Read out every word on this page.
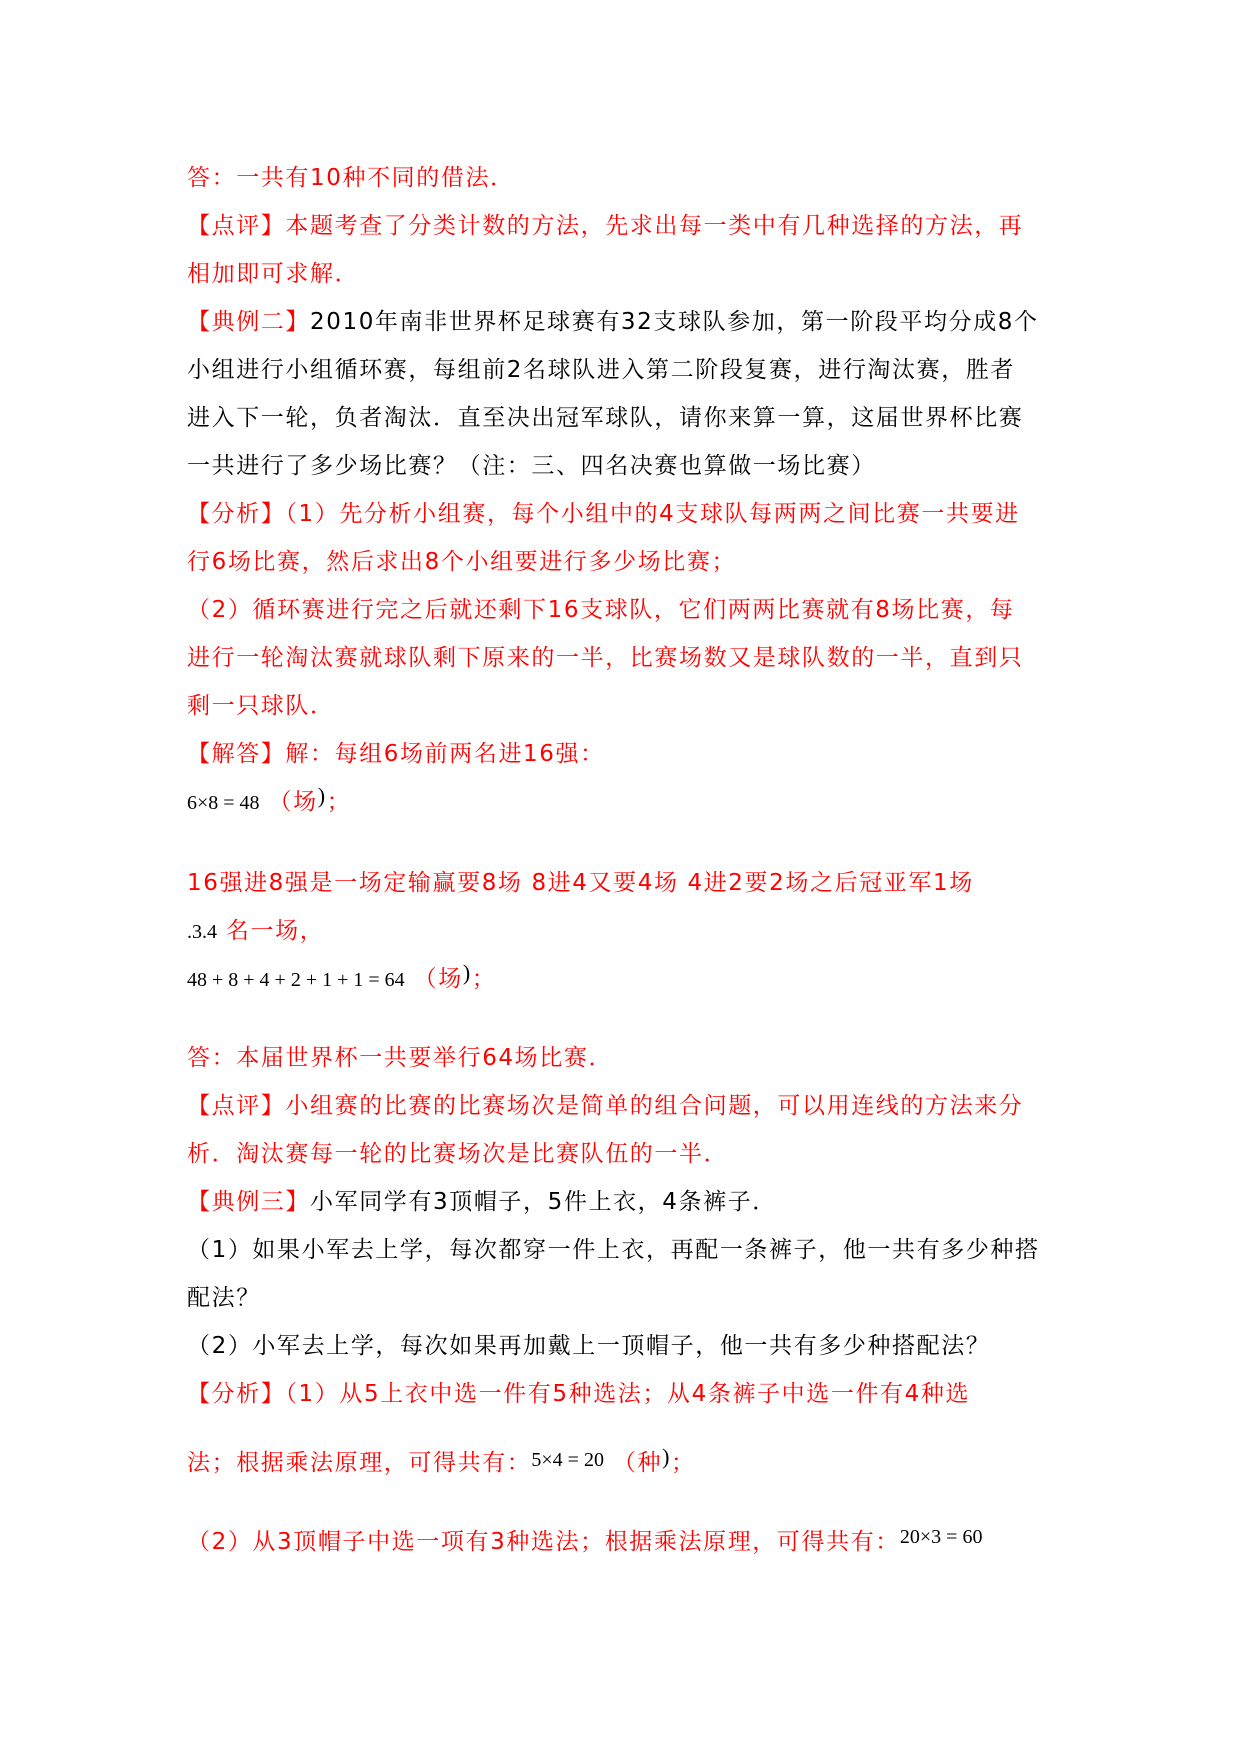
答：一共有10种不同的借法．
【点评】本题考查了分类计数的方法，先求出每一类中有几种选择的方法，再
相加即可求解．
【典例二】2010年南非世界杯足球赛有32支球队参加，第一阶段平均分成8个
小组进行小组循环赛，每组前2名球队进入第二阶段复赛，进行淘汰赛，胜者
进入下一轮，负者淘汰．直至决出冠军球队，请你来算一算，这届世界杯比赛
一共进行了多少场比赛？（注：三、四名决赛也算做一场比赛）
【分析】（1）先分析小组赛，每个小组中的4支球队每两两之间比赛一共要进
行6场比赛，然后求出8个小组要进行多少场比赛；
（2）循环赛进行完之后就还剩下16支球队，它们两两比赛就有8场比赛，每
进行一轮淘汰赛就球队剩下原来的一半，比赛场数又是球队数的一半，直到只
剩一只球队．
【解答】解：每组6场前两名进16强：
6×8 = 48 （场)；
16强进8强是一场定输赢要8场 8进4又要4场 4进2要2场之后冠亚军1场
.3.4 名一场，
48 + 8 + 4 + 2 + 1 + 1 = 64 （场)；
答：本届世界杯一共要举行64场比赛．
【点评】小组赛的比赛的比赛场次是简单的组合问题，可以用连线的方法来分
析．淘汰赛每一轮的比赛场次是比赛队伍的一半．
【典例三】小军同学有3顶帽子，5件上衣，4条裤子．
（1）如果小军去上学，每次都穿一件上衣，再配一条裤子，他一共有多少种搭
配法？
（2）小军去上学，每次如果再加戴上一顶帽子，他一共有多少种搭配法？
【分析】（1）从5上衣中选一件有5种选法；从4条裤子中选一件有4种选
法；根据乘法原理，可得共有：5×4 = 20 （种)；
（2）从3顶帽子中选一项有3种选法；根据乘法原理，可得共有：20×3 = 60
